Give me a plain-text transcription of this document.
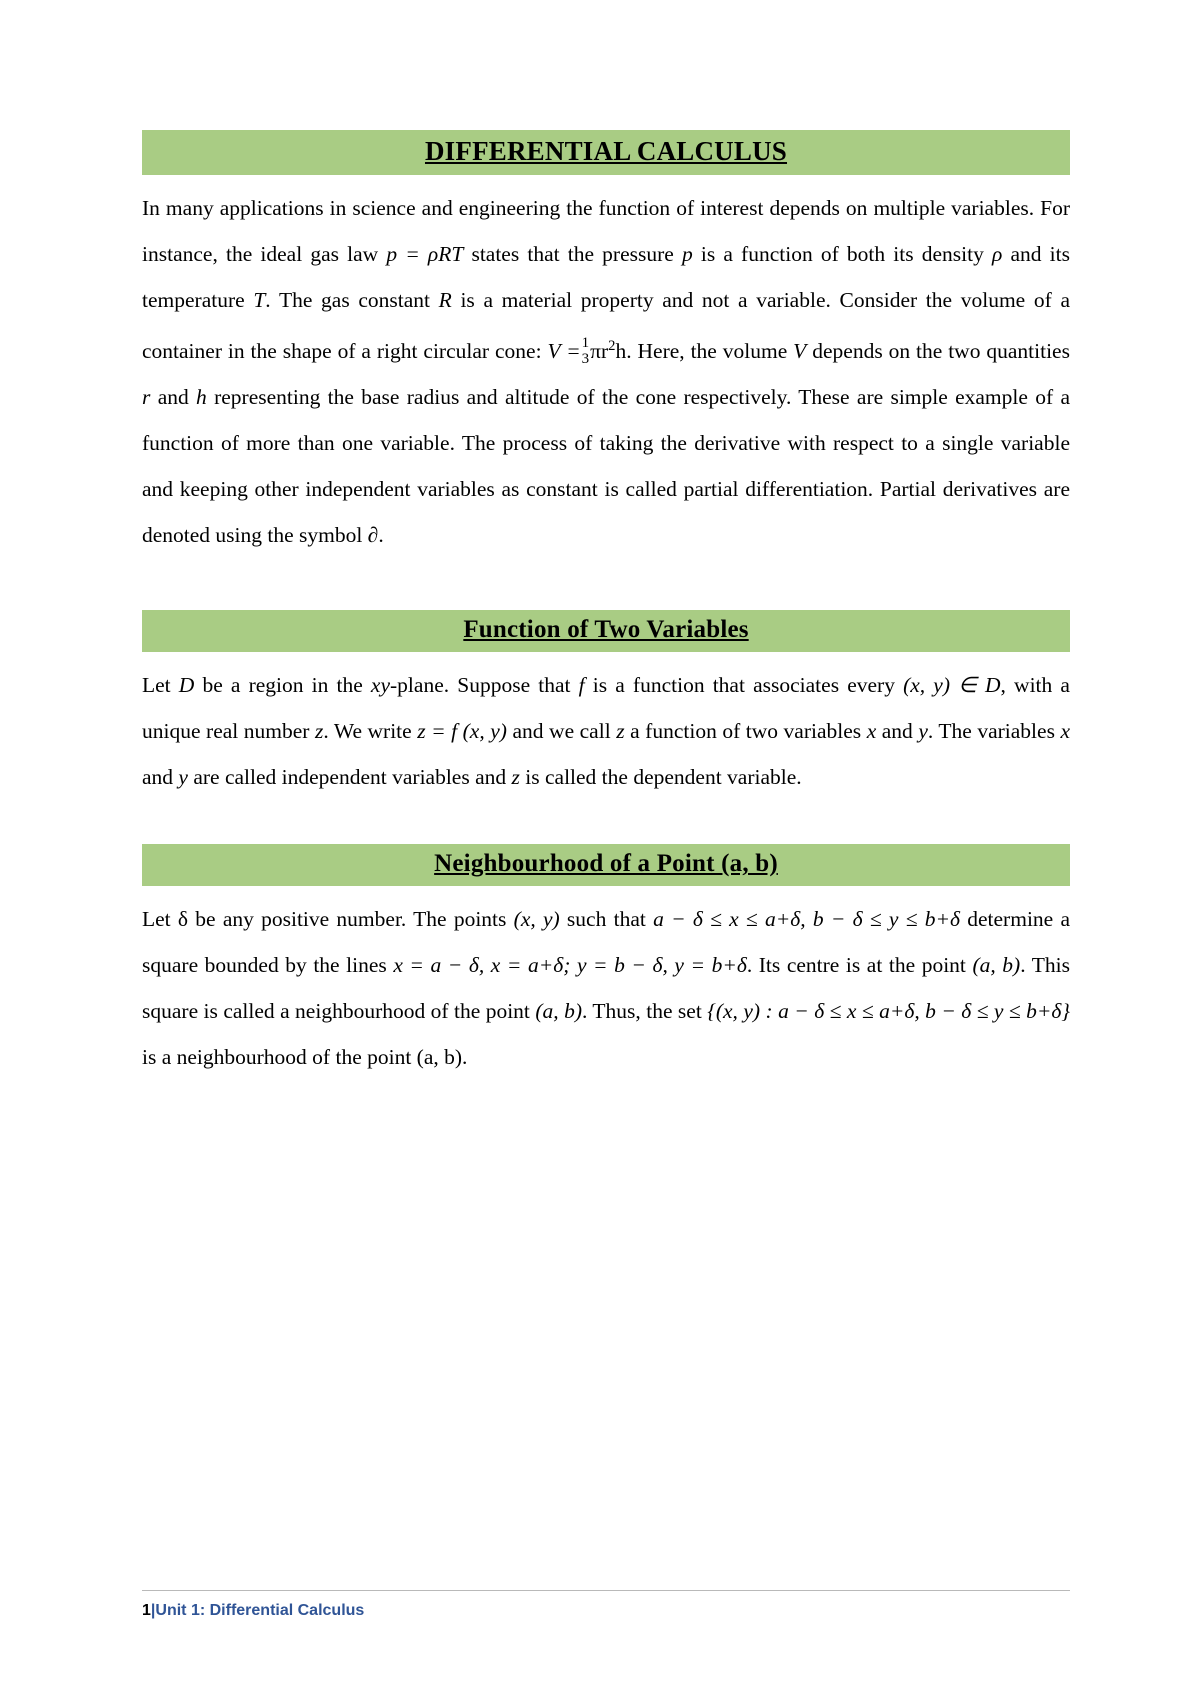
DIFFERENTIAL CALCULUS

In many applications in science and engineering the function of interest depends on multiple variables. For instance, the ideal gas law p = ρRT states that the pressure p is a function of both its density ρ and its temperature T. The gas constant R is a material property and not a variable. Consider the volume of a container in the shape of a right circular cone: V = 1
3 $\pi r^2h$. Here, the volume V depends on the two quantities r and h representing the base radius and altitude of the cone respectively. These are simple example of a function of more than one variable. The process of taking the derivative with respect to a single variable and keeping other independent variables as constant is called partial differentiation. Partial derivatives are denoted using the symbol ∂.

Function of Two Variables

Let D be a region in the xy-plane. Suppose that f is a function that associates every (x, y) ∈ D, with a unique real number z. We write z = f (x, y) and we call z a function of two variables x and y. The variables x and y are called independent variables and z is called the dependent variable.

Neighbourhood of a Point (a, b)

Let δ be any positive number. The points (x, y) such that a − δ ≤ x ≤ a+δ, b − δ ≤ y ≤ b+δ determine a square bounded by the lines x = a − δ, x = a+δ; y = b − δ, y = b+δ. Its centre is at the point (a, b). This square is called a neighbourhood of the point (a, b). Thus, the set {(x, y) : a − δ ≤ x ≤ a+δ, b − δ ≤ y ≤ b+δ} is a neighbourhood of the point (a, b).

1|Unit 1: Differential Calculus
